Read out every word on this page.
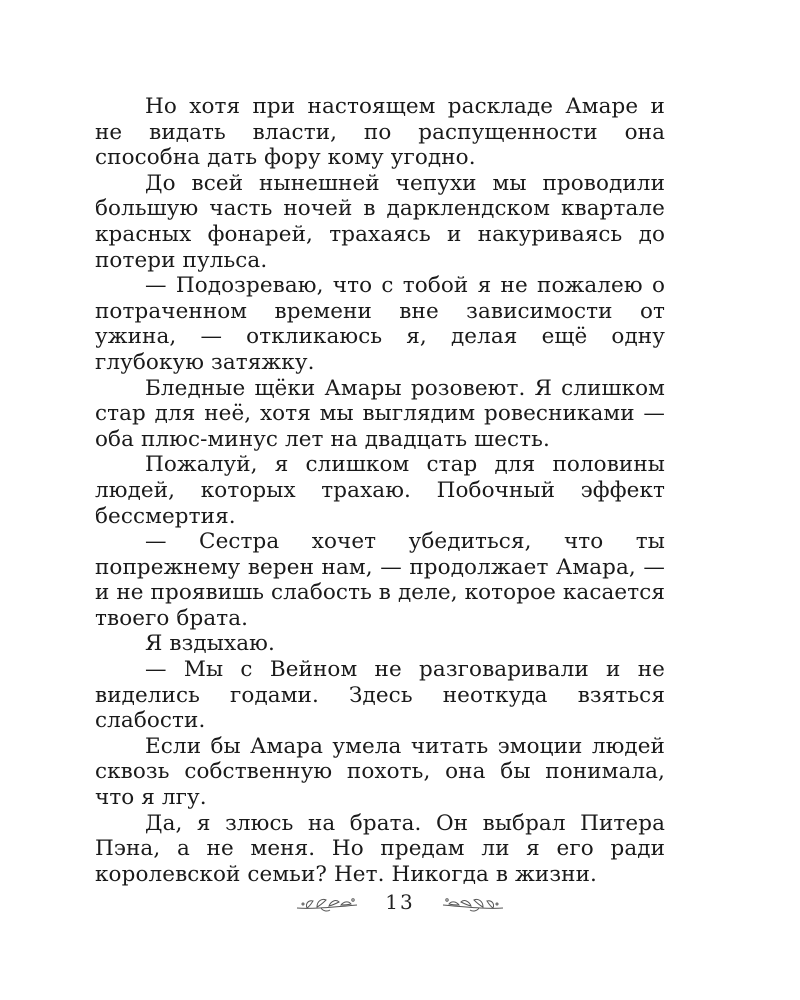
Но хотя при настоящем раскладе Амаре и не видать власти, по распущенности она способна дать фору кому угодно.

До всей нынешней чепухи мы проводили большую часть ночей в дарклендском квартале красных фонарей, трахаясь и накуриваясь до потери пульса.

— Подозреваю, что с тобой я не пожалею о потраченном времени вне зависимости от ужина, — откликаюсь я, делая ещё одну глубокую затяжку.

Бледные щёки Амары розовеют. Я слишком стар для неё, хотя мы выглядим ровесниками — оба плюс-минус лет на двадцать шесть.

Пожалуй, я слишком стар для половины людей, которых трахаю. Побочный эффект бессмертия.

— Сестра хочет убедиться, что ты попрежнему верен нам, — продолжает Амара, — и не проявишь слабость в деле, которое касается твоего брата.

Я вздыхаю.

— Мы с Вейном не разговаривали и не виделись годами. Здесь неоткуда взяться слабости.

Если бы Амара умела читать эмоции людей сквозь собственную похоть, она бы понимала, что я лгу.

Да, я злюсь на брата. Он выбрал Питера Пэна, а не меня. Но предам ли я его ради королевской семьи? Нет. Никогда в жизни.

13
